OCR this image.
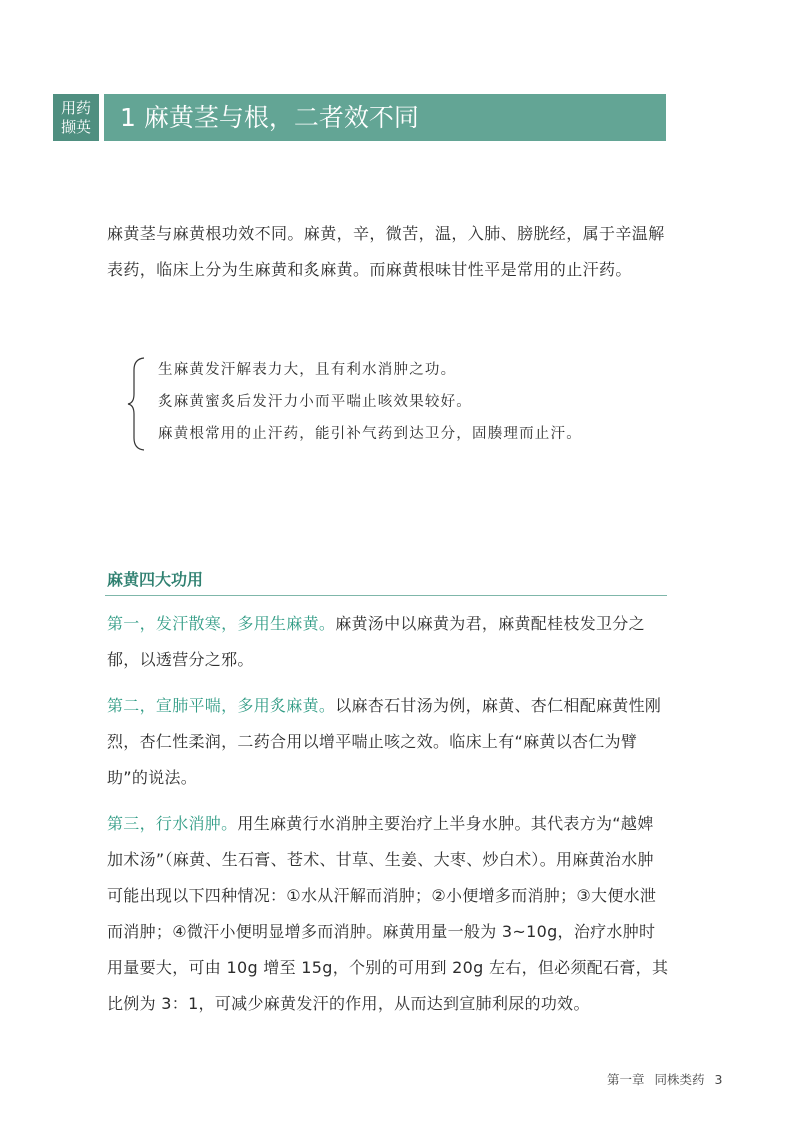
用药
撷英	1 麻黄茎与根，二者效不同

麻黄茎与麻黄根功效不同。麻黄，辛，微苦，温，入肺、膀胱经，属于辛温解表药，临床上分为生麻黄和炙麻黄。而麻黄根味甘性平是常用的止汗药。

生麻黄发汗解表力大，且有利水消肿之功。
炙麻黄蜜炙后发汗力小而平喘止咳效果较好。
麻黄根常用的止汗药，能引补气药到达卫分，固腠理而止汗。
麻黄四大功用

第一，发汗散寒，多用生麻黄。麻黄汤中以麻黄为君，麻黄配桂枝发卫分之郁，以透营分之邪。

第二，宣肺平喘，多用炙麻黄。以麻杏石甘汤为例，麻黄、杏仁相配麻黄性刚烈，杏仁性柔润，二药合用以增平喘止咳之效。临床上有“麻黄以杏仁为臂助”的说法。

第三，行水消肿。用生麻黄行水消肿主要治疗上半身水肿。其代表方为“越婢加术汤”（麻黄、生石膏、苍术、甘草、生姜、大枣、炒白术）。用麻黄治水肿可能出现以下四种情况：①水从汗解而消肿；②小便增多而消肿；③大便水泄而消肿；④微汗小便明显增多而消肿。麻黄用量一般为 3~10g，治疗水肿时用量要大，可由 10g 增至 15g，个别的可用到 20g 左右，但必须配石膏，其比例为 3：1，可减少麻黄发汗的作用，从而达到宣肺利尿的功效。

第一章 同株类药 3
